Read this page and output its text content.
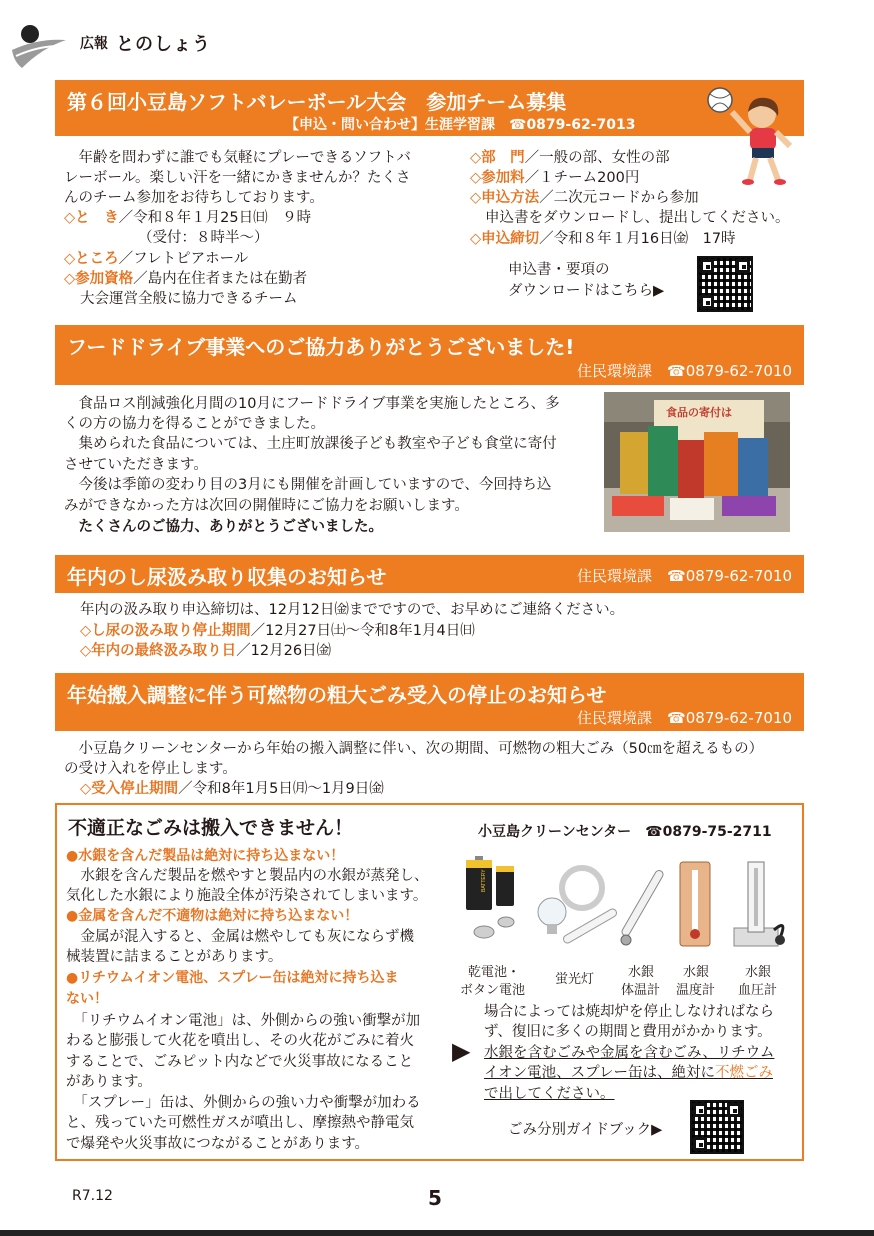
広報 とのしょう
第６回小豆島ソフトバレーボール大会　参加チーム募集
【申込・問い合わせ】生涯学習課　☎0879-62-7013
　年齢を問わずに誰でも気軽にプレーできるソフトバ
レーボール。楽しい汗を一緒にかきませんか？たくさ
んのチーム参加をお待ちしております。
◇と　き／令和８年１月25日㈰　９時
（受付：８時半〜）
◇ところ／フレトピアホール
◇参加資格／島内在住者または在勤者
大会運営全般に協力できるチーム
◇部　門／一般の部、女性の部
◇参加料／１チーム200円
◇申込方法／二次元コードから参加
申込書をダウンロードし、提出してください。
◇申込締切／令和８年１月16日㈮　17時
申込書・要項の
ダウンロードはこちら▶
フードドライブ事業へのご協力ありがとうございました!
住民環境課　☎0879-62-7010
　食品ロス削減強化月間の10月にフードドライブ事業を実施したところ、多
くの方の協力を得ることができました。
　集められた食品については、土庄町放課後子ども教室や子ども食堂に寄付
させていただきます。
　今後は季節の変わり目の3月にも開催を計画していますので、今回持ち込
みができなかった方は次回の開催時にご協力をお願いします。
　たくさんのご協力、ありがとうございました。
食品の寄付は
年内のし尿汲み取り収集のお知らせ	住民環境課　☎0879-62-7010
年内の汲み取り申込締切は、12月12日㈮までですので、お早めにご連絡ください。
◇し尿の汲み取り停止期間／12月27日㈯〜令和8年1月4日㈰
◇年内の最終汲み取り日／12月26日㈮
年始搬入調整に伴う可燃物の粗大ごみ受入の停止のお知らせ
住民環境課　☎0879-62-7010
　小豆島クリーンセンターから年始の搬入調整に伴い、次の期間、可燃物の粗大ごみ（50㎝を超えるもの）
の受け入れを停止します。
◇受入停止期間／令和8年1月5日㈪〜1月9日㈮
不適正なごみは搬入できません！	小豆島クリーンセンター　☎0879-75-2711
●水銀を含んだ製品は絶対に持ち込まない！
　水銀を含んだ製品を燃やすと製品内の水銀が蒸発し、
気化した水銀により施設全体が汚染されてしまいます。
●金属を含んだ不適物は絶対に持ち込まない！
　金属が混入すると、金属は燃やしても灰にならず機
械装置に詰まることがあります。
●リチウムイオン電池、スプレー缶は絶対に持ち込ま
ない！
　「リチウムイオン電池」は、外側からの強い衝撃が加
わると膨張して火花を噴出し、その火花がごみに着火
することで、ごみピット内などで火災事故になること
があります。
　「スプレー」缶は、外側からの強い力や衝撃が加わる
と、残っていた可燃性ガスが噴出し、摩擦熱や静電気
で爆発や火災事故につながることがあります。
BATTERY
乾電池・
ボタン電池
蛍光灯	水銀
体温計
水銀
温度計
水銀
血圧計
▶
場合によっては焼却炉を停止しなければなら
ず、復旧に多くの期間と費用がかかります。
水銀を含むごみや金属を含むごみ、リチウム
イオン電池、スプレー缶は、絶対に不燃ごみ
で出してください。
ごみ分別ガイドブック▶
R7.12	5
